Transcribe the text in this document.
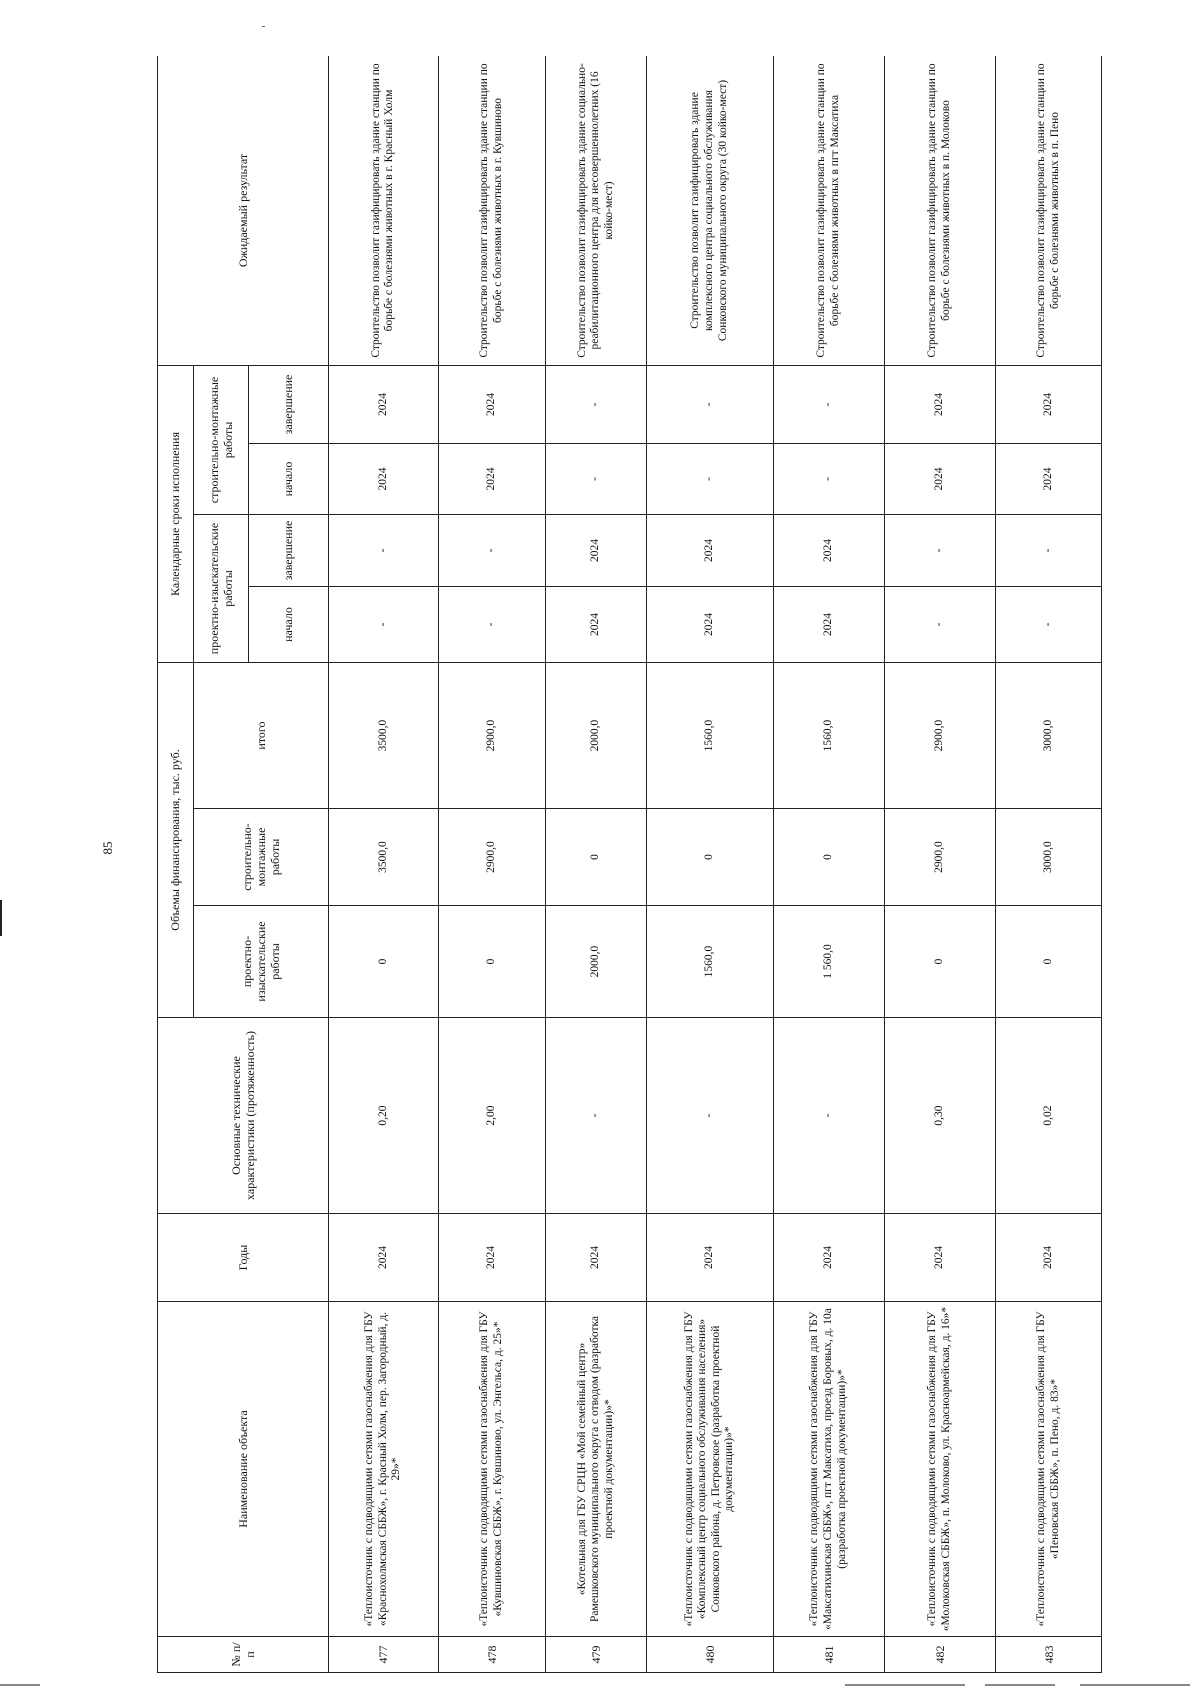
85
№ п/п	Наименование объекта	Годы	Основные технические характеристики (протяженность)	Объемы финансирования, тыс. руб.			Календарные сроки исполнения				Ожидаемый результат
				проектно-изыскательские работы	строительно-монтажные работы	итого	проектно-изыскательские работы		строительно-монтажные работы		
							начало	завершение	начало	завершение	
477	«Теплоисточник с подводящими сетями газоснабжения для ГБУ «Краснохолмская СББЖ», г. Красный Холм, пер. Загородный, д. 29»*	2024	0,20	0	3500,0	3500,0	-	-	2024	2024	Строительство позволит газифицировать здание станции по борьбе с болезнями животных в г. Красный Холм
478	«Теплоисточник с подводящими сетями газоснабжения для ГБУ «Кувшиновская СББЖ», г. Кувшиново, ул. Энгельса, д. 25»*	2024	2,00	0	2900,0	2900,0	-	-	2024	2024	Строительство позволит газифицировать здание станции по борьбе с болезнями животных в г. Кувшиново
479	«Котельная для ГБУ СРЦН «Мой семейный центр» Рамешковского муниципального округа с отводом (разработка проектной документации)»*	2024	-	2000,0	0	2000,0	2024	2024	-	-	Строительство позволит газифицировать здание социально-реабилитационного центра для несовершеннолетних (16 койко-мест)
480	«Теплоисточник с подводящими сетями газоснабжения для ГБУ «Комплексный центр социального обслуживания населения» Сонковского района, д. Петровское (разработка проектной документации)»*	2024	-	1560,0	0	1560,0	2024	2024	-	-	Строительство позволит газифицировать здание комплексного центра социального обслуживания Сонковского муниципального округа (30 койко-мест)
481	«Теплоисточник с подводящими сетями газоснабжения для ГБУ «Максатихинская СББЖ», пгт Максатиха, проезд Боровых, д. 10а (разработка проектной документации)»*	2024	-	1 560,0	0	1560,0	2024	2024	-	-	Строительство позволит газифицировать здание станции по борьбе с болезнями животных в пгт Максатиха
482	«Теплоисточник с подводящими сетями газоснабжения для ГБУ «Молоковская СББЖ», п. Молоково, ул. Красноармейская, д. 16»*	2024	0,30	0	2900,0	2900,0	-	-	2024	2024	Строительство позволит газифицировать здание станции по борьбе с болезнями животных в п. Молоково
483	«Теплоисточник с подводящими сетями газоснабжения для ГБУ «Пеновская СББЖ», п. Пено, д. 83»*	2024	0,02	0	3000,0	3000,0	-	-	2024	2024	Строительство позволит газифицировать здание станции по борьбе с болезнями животных в п. Пено
